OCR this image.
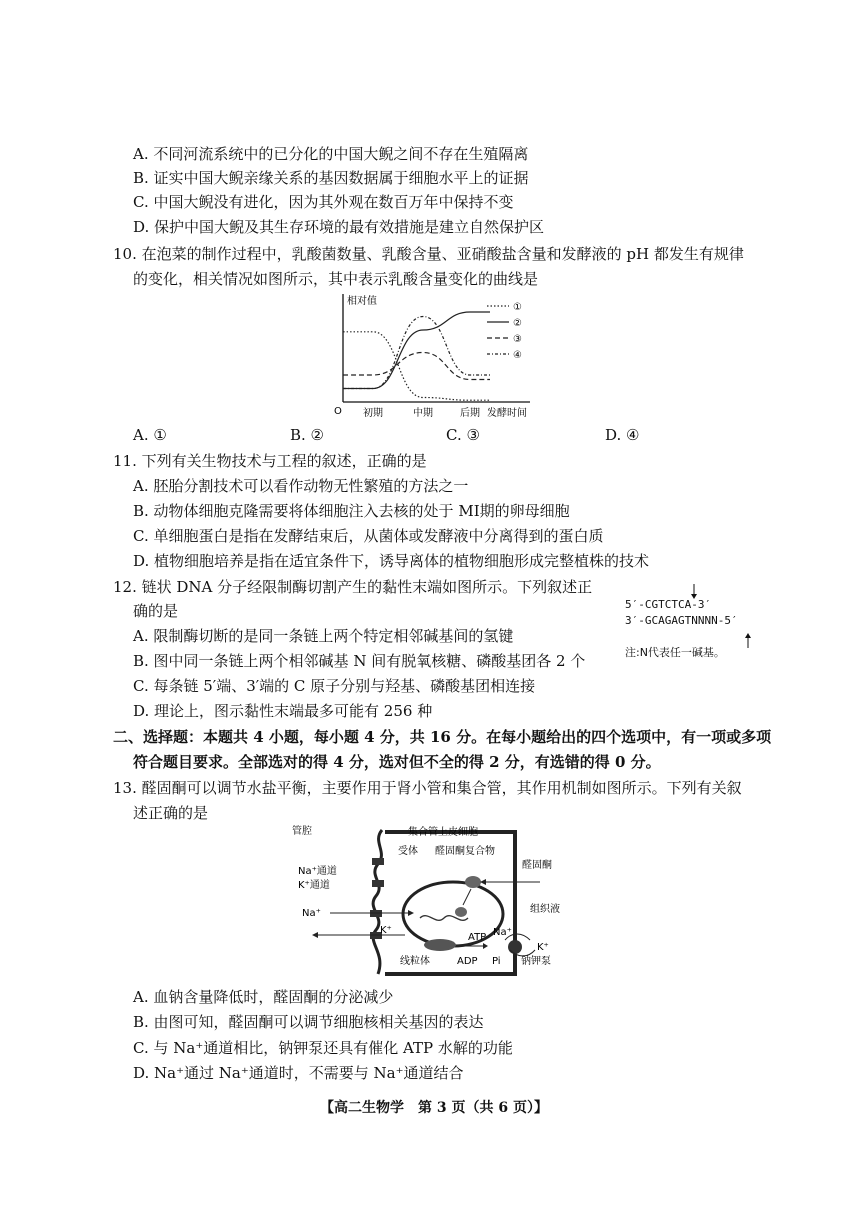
A. 不同河流系统中的已分化的中国大鲵之间不存在生殖隔离
B. 证实中国大鲵亲缘关系的基因数据属于细胞水平上的证据
C. 中国大鲵没有进化，因为其外观在数百万年中保持不变
D. 保护中国大鲵及其生存环境的最有效措施是建立自然保护区
10. 在泡菜的制作过程中，乳酸菌数量、乳酸含量、亚硝酸盐含量和发酵液的 pH 都发生有规律
的变化，相关情况如图所示，其中表示乳酸含量变化的曲线是
相对值
O	发酵时间
初期	中期	后期
①
②
③
④
A. ①	B. ②	C. ③	D. ④
11. 下列有关生物技术与工程的叙述，正确的是
A. 胚胎分割技术可以看作动物无性繁殖的方法之一
B. 动物体细胞克隆需要将体细胞注入去核的处于 MⅠ期的卵母细胞
C. 单细胞蛋白是指在发酵结束后，从菌体或发酵液中分离得到的蛋白质
D. 植物细胞培养是指在适宜条件下，诱导离体的植物细胞形成完整植株的技术
12. 链状 DNA 分子经限制酶切割产生的黏性末端如图所示。下列叙述正
确的是
A. 限制酶切断的是同一条链上两个特定相邻碱基间的氢键
B. 图中同一条链上两个相邻碱基 N 间有脱氧核糖、磷酸基团各 2 个
C. 每条链 5′端、3′端的 C 原子分别与羟基、磷酸基团相连接
D. 理论上，图示黏性末端最多可能有 256 种
5′-CGTCTCA-3′
3′-GCAGAGTNNNN-5′
注:N代表任一碱基。
二、选择题：本题共 4 小题，每小题 4 分，共 16 分。在每小题给出的四个选项中，有一项或多项
符合题目要求。全部选对的得 4 分，选对但不全的得 2 分，有选错的得 0 分。
13. 醛固酮可以调节水盐平衡，主要作用于肾小管和集合管，其作用机制如图所示。下列有关叙
述正确的是
管腔	集合管上皮细胞
受体 醛固酮复合物
醛固酮
Na⁺通道
K⁺通道
Na⁺
K⁺
组织液
Na⁺
K⁺
ATP
线粒体	ADP Pi 钠钾泵
A. 血钠含量降低时，醛固酮的分泌减少
B. 由图可知，醛固酮可以调节细胞核相关基因的表达
C. 与 Na⁺通道相比，钠钾泵还具有催化 ATP 水解的功能
D. Na⁺通过 Na⁺通道时，不需要与 Na⁺通道结合
【高二生物学　第 3 页（共 6 页）】
